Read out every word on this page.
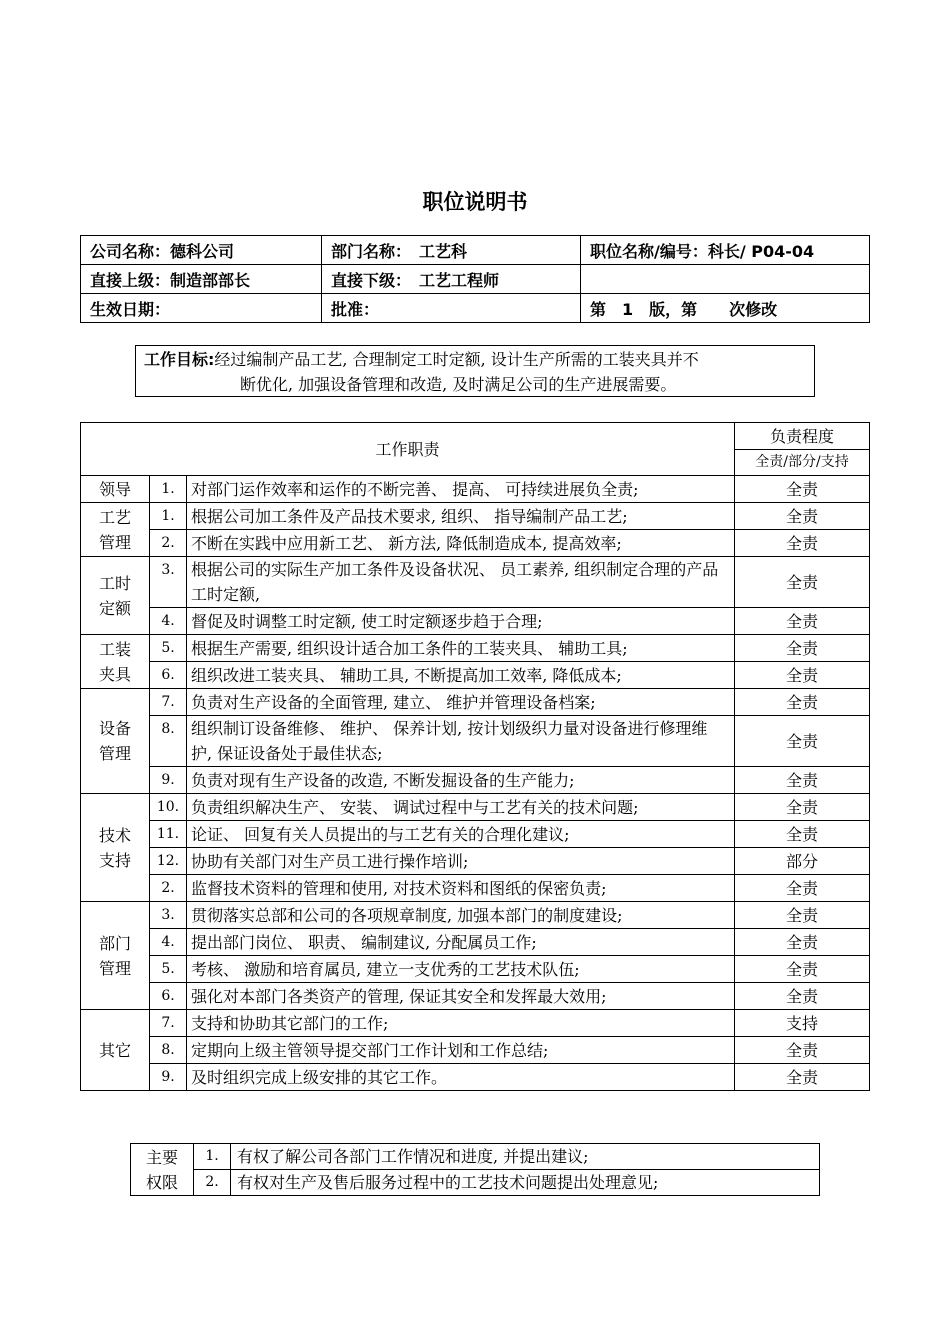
职位说明书
公司名称：德科公司	部门名称：　工艺科	职位名称/编号：科长/ P04-04
直接上级：制造部部长	直接下级：　工艺工程师	
生效日期：	批准：	第　1　版，第　　次修改
工作目标:经过编制产品工艺, 合理制定工时定额, 设计生产所需的工装夹具并不
断优化, 加强设备管理和改造, 及时满足公司的生产进展需要。
工作职责			负责程度
			全责/部分/支持
领导	1.	对部门运作效率和运作的不断完善、 提高、 可持续进展负全责;	全责

工艺
管理	1.	根据公司加工条件及产品技术要求, 组织、 指导编制产品工艺;	全责
	2.	不断在实践中应用新工艺、 新方法, 降低制造成本, 提高效率;	全责

工时
定额	3.	根据公司的实际生产加工条件及设备状况、 员工素养, 组织制定合理的产品工时定额,	全责
	4.	督促及时调整工时定额, 使工时定额逐步趋于合理;	全责

工装
夹具	5.	根据生产需要, 组织设计适合加工条件的工装夹具、 辅助工具;	全责
	6.	组织改进工装夹具、 辅助工具, 不断提高加工效率, 降低成本;	全责

设备
管理	7.	负责对生产设备的全面管理, 建立、 维护并管理设备档案;	全责
	8.	组织制订设备维修、 维护、 保养计划, 按计划级织力量对设备进行修理维护, 保证设备处于最佳状态;	全责
	9.	负责对现有生产设备的改造, 不断发掘设备的生产能力;	全责

技术
支持	10.	负责组织解决生产、 安装、 调试过程中与工艺有关的技术问题;	全责
	11.	论证、 回复有关人员提出的与工艺有关的合理化建议;	全责
	12.	协助有关部门对生产员工进行操作培训;	部分
	2.	监督技术资料的管理和使用, 对技术资料和图纸的保密负责;	全责

部门
管理	3.	贯彻落实总部和公司的各项规章制度, 加强本部门的制度建设;	全责
	4.	提出部门岗位、 职责、 编制建议, 分配属员工作;	全责
	5.	考核、 激励和培育属员, 建立一支优秀的工艺技术队伍;	全责
	6.	强化对本部门各类资产的管理, 保证其安全和发挥最大效用;	全责
其它	7.	支持和协助其它部门的工作;	支持
	8.	定期向上级主管领导提交部门工作计划和工作总结;	全责
	9.	及时组织完成上级安排的其它工作。	全责
主要
权限	1.	有权了解公司各部门工作情况和进度, 并提出建议;
	2.	有权对生产及售后服务过程中的工艺技术问题提出处理意见;
